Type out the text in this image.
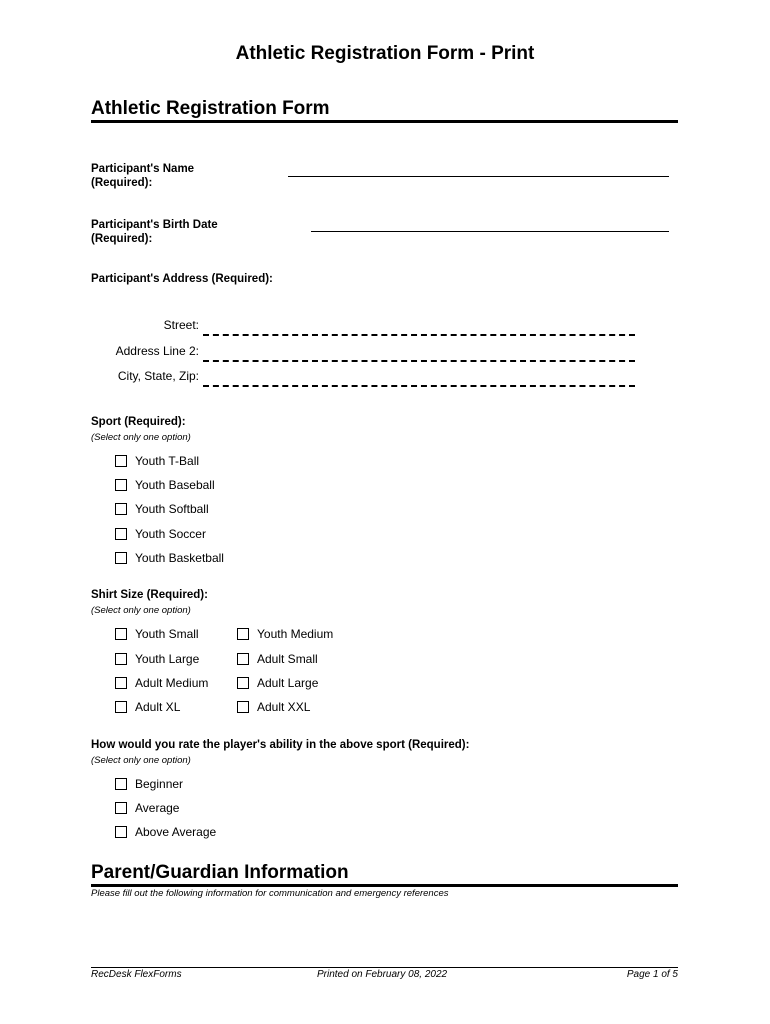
Athletic Registration Form - Print
Athletic Registration Form
Participant's Name
(Required):
Participant's Birth Date
(Required):
Participant's Address (Required):
Street:
Address Line 2:
City, State, Zip:
Sport (Required):
(Select only one option)
Youth T-Ball
Youth Baseball
Youth Softball
Youth Soccer
Youth Basketball
Shirt Size (Required):
(Select only one option)
Youth Small
Youth Large
Adult Medium
Adult XL
Youth Medium
Adult Small
Adult Large
Adult XXL
How would you rate the player's ability in the above sport (Required):
(Select only one option)
Beginner
Average
Above Average
Parent/Guardian Information
Please fill out the following information for communication and emergency references
RecDesk FlexForms	Printed on February 08, 2022	Page 1 of 5
